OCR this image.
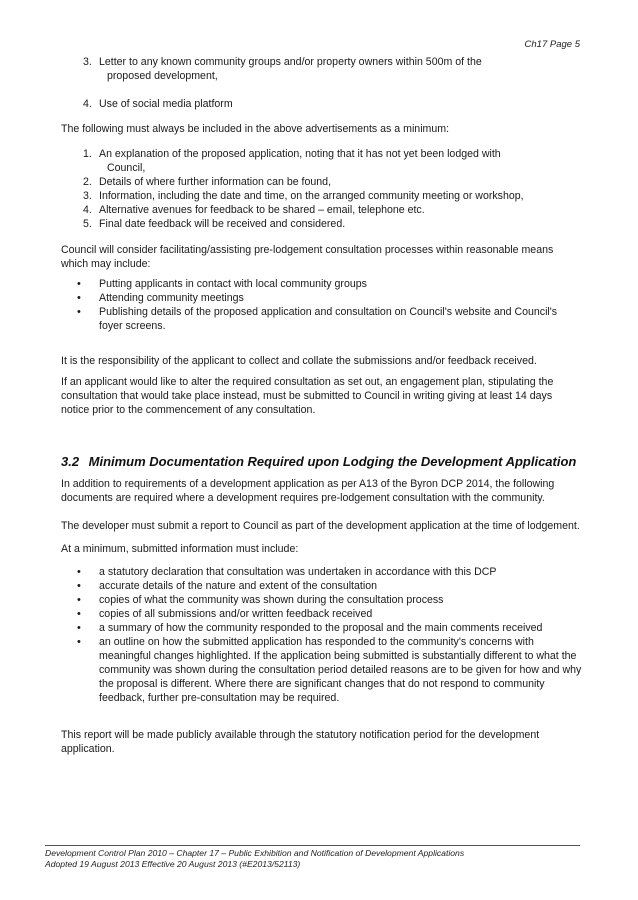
Ch17 Page 5
3. Letter to any known community groups and/or property owners within 500m of the
proposed development,
4. Use of social media platform

The following must always be included in the above advertisements as a minimum:

1. An explanation of the proposed application, noting that it has not yet been lodged with
Council,
2. Details of where further information can be found,
3. Information, including the date and time, on the arranged community meeting or workshop,
4. Alternative avenues for feedback to be shared – email, telephone etc.
5. Final date feedback will be received and considered.

Council will consider facilitating/assisting pre-lodgement consultation processes within reasonable means which may include:

• Putting applicants in contact with local community groups
• Attending community meetings
• Publishing details of the proposed application and consultation on Council's website and Council's foyer screens.

It is the responsibility of the applicant to collect and collate the submissions and/or feedback received.

If an applicant would like to alter the required consultation as set out, an engagement plan, stipulating the consultation that would take place instead, must be submitted to Council in writing giving at least 14 days notice prior to the commencement of any consultation.

3.2 Minimum Documentation Required upon Lodging the Development Application

In addition to requirements of a development application as per A13 of the Byron DCP 2014, the following documents are required where a development requires pre-lodgement consultation with the community.

The developer must submit a report to Council as part of the development application at the time of lodgement.

At a minimum, submitted information must include:

• a statutory declaration that consultation was undertaken in accordance with this DCP
• accurate details of the nature and extent of the consultation
• copies of what the community was shown during the consultation process
• copies of all submissions and/or written feedback received
• a summary of how the community responded to the proposal and the main comments received
• an outline on how the submitted application has responded to the community's concerns with meaningful changes highlighted. If the application being submitted is substantially different to what the community was shown during the consultation period detailed reasons are to be given for how and why the proposal is different. Where there are significant changes that do not respond to community feedback, further pre-consultation may be required.

This report will be made publicly available through the statutory notification period for the development application.

Development Control Plan 2010 – Chapter 17 – Public Exhibition and Notification of Development Applications
Adopted 19 August 2013 Effective 20 August 2013 (#E2013/52113)
